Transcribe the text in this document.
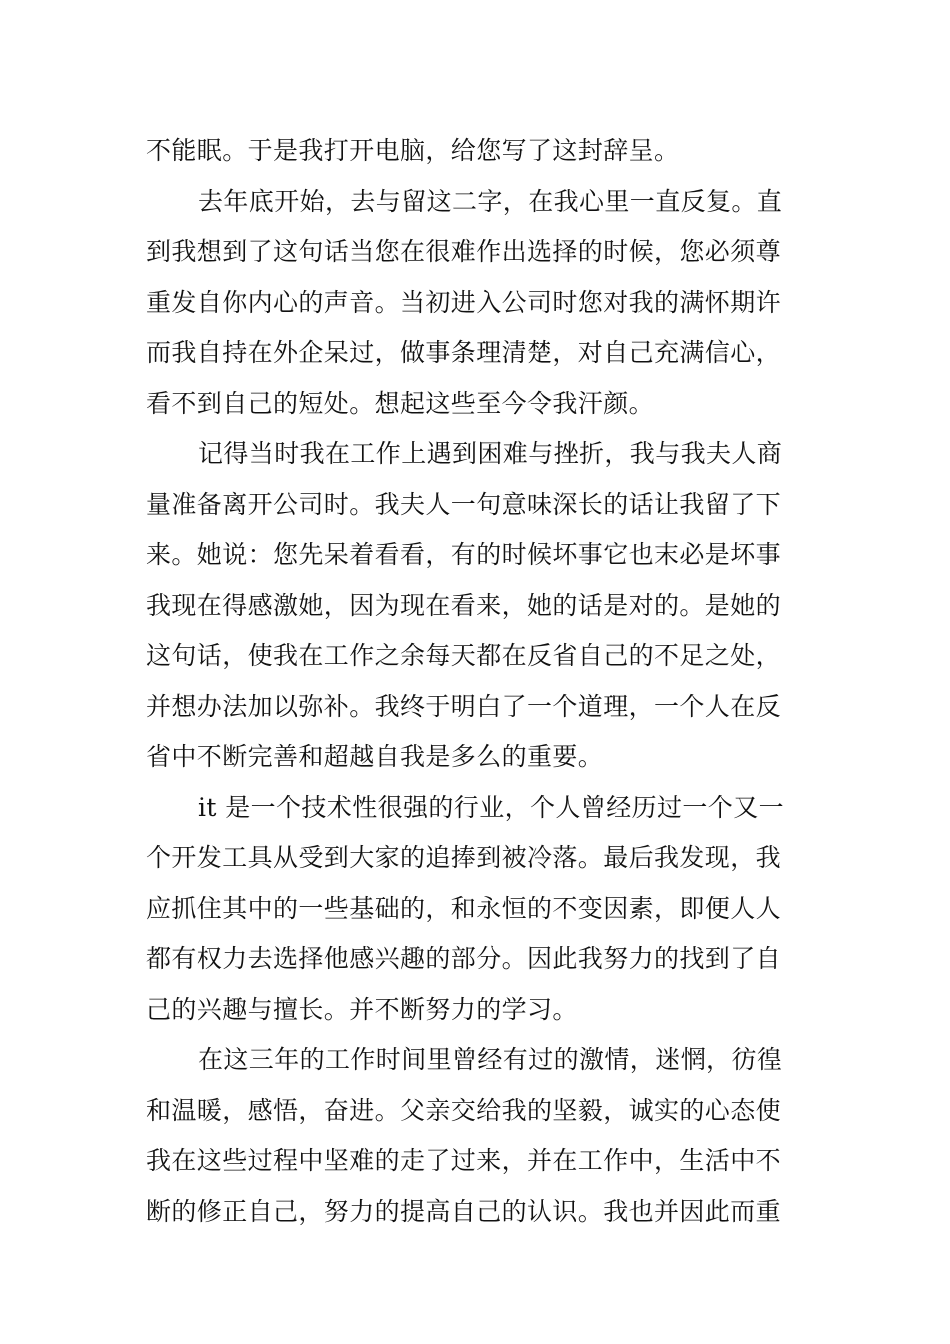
不能眠。于是我打开电脑，给您写了这封辞呈。
去年底开始，去与留这二字，在我心里一直反复。直
到我想到了这句话当您在很难作出选择的时候，您必须尊
重发自你内心的声音。当初进入公司时您对我的满怀期许
而我自持在外企呆过，做事条理清楚，对自己充满信心，
看不到自己的短处。想起这些至今令我汗颜。
记得当时我在工作上遇到困难与挫折，我与我夫人商
量准备离开公司时。我夫人一句意味深长的话让我留了下
来。她说：您先呆着看看，有的时候坏事它也末必是坏事
我现在得感激她，因为现在看来，她的话是对的。是她的
这句话，使我在工作之余每天都在反省自己的不足之处，
并想办法加以弥补。我终于明白了一个道理，一个人在反
省中不断完善和超越自我是多么的重要。
it 是一个技术性很强的行业，个人曾经历过一个又一
个开发工具从受到大家的追捧到被冷落。最后我发现，我
应抓住其中的一些基础的，和永恒的不变因素，即便人人
都有权力去选择他感兴趣的部分。因此我努力的找到了自
己的兴趣与擅长。并不断努力的学习。
在这三年的工作时间里曾经有过的激情，迷惘，彷徨
和温暖，感悟，奋进。父亲交给我的坚毅，诚实的心态使
我在这些过程中坚难的走了过来，并在工作中，生活中不
断的修正自己，努力的提高自己的认识。我也并因此而重
